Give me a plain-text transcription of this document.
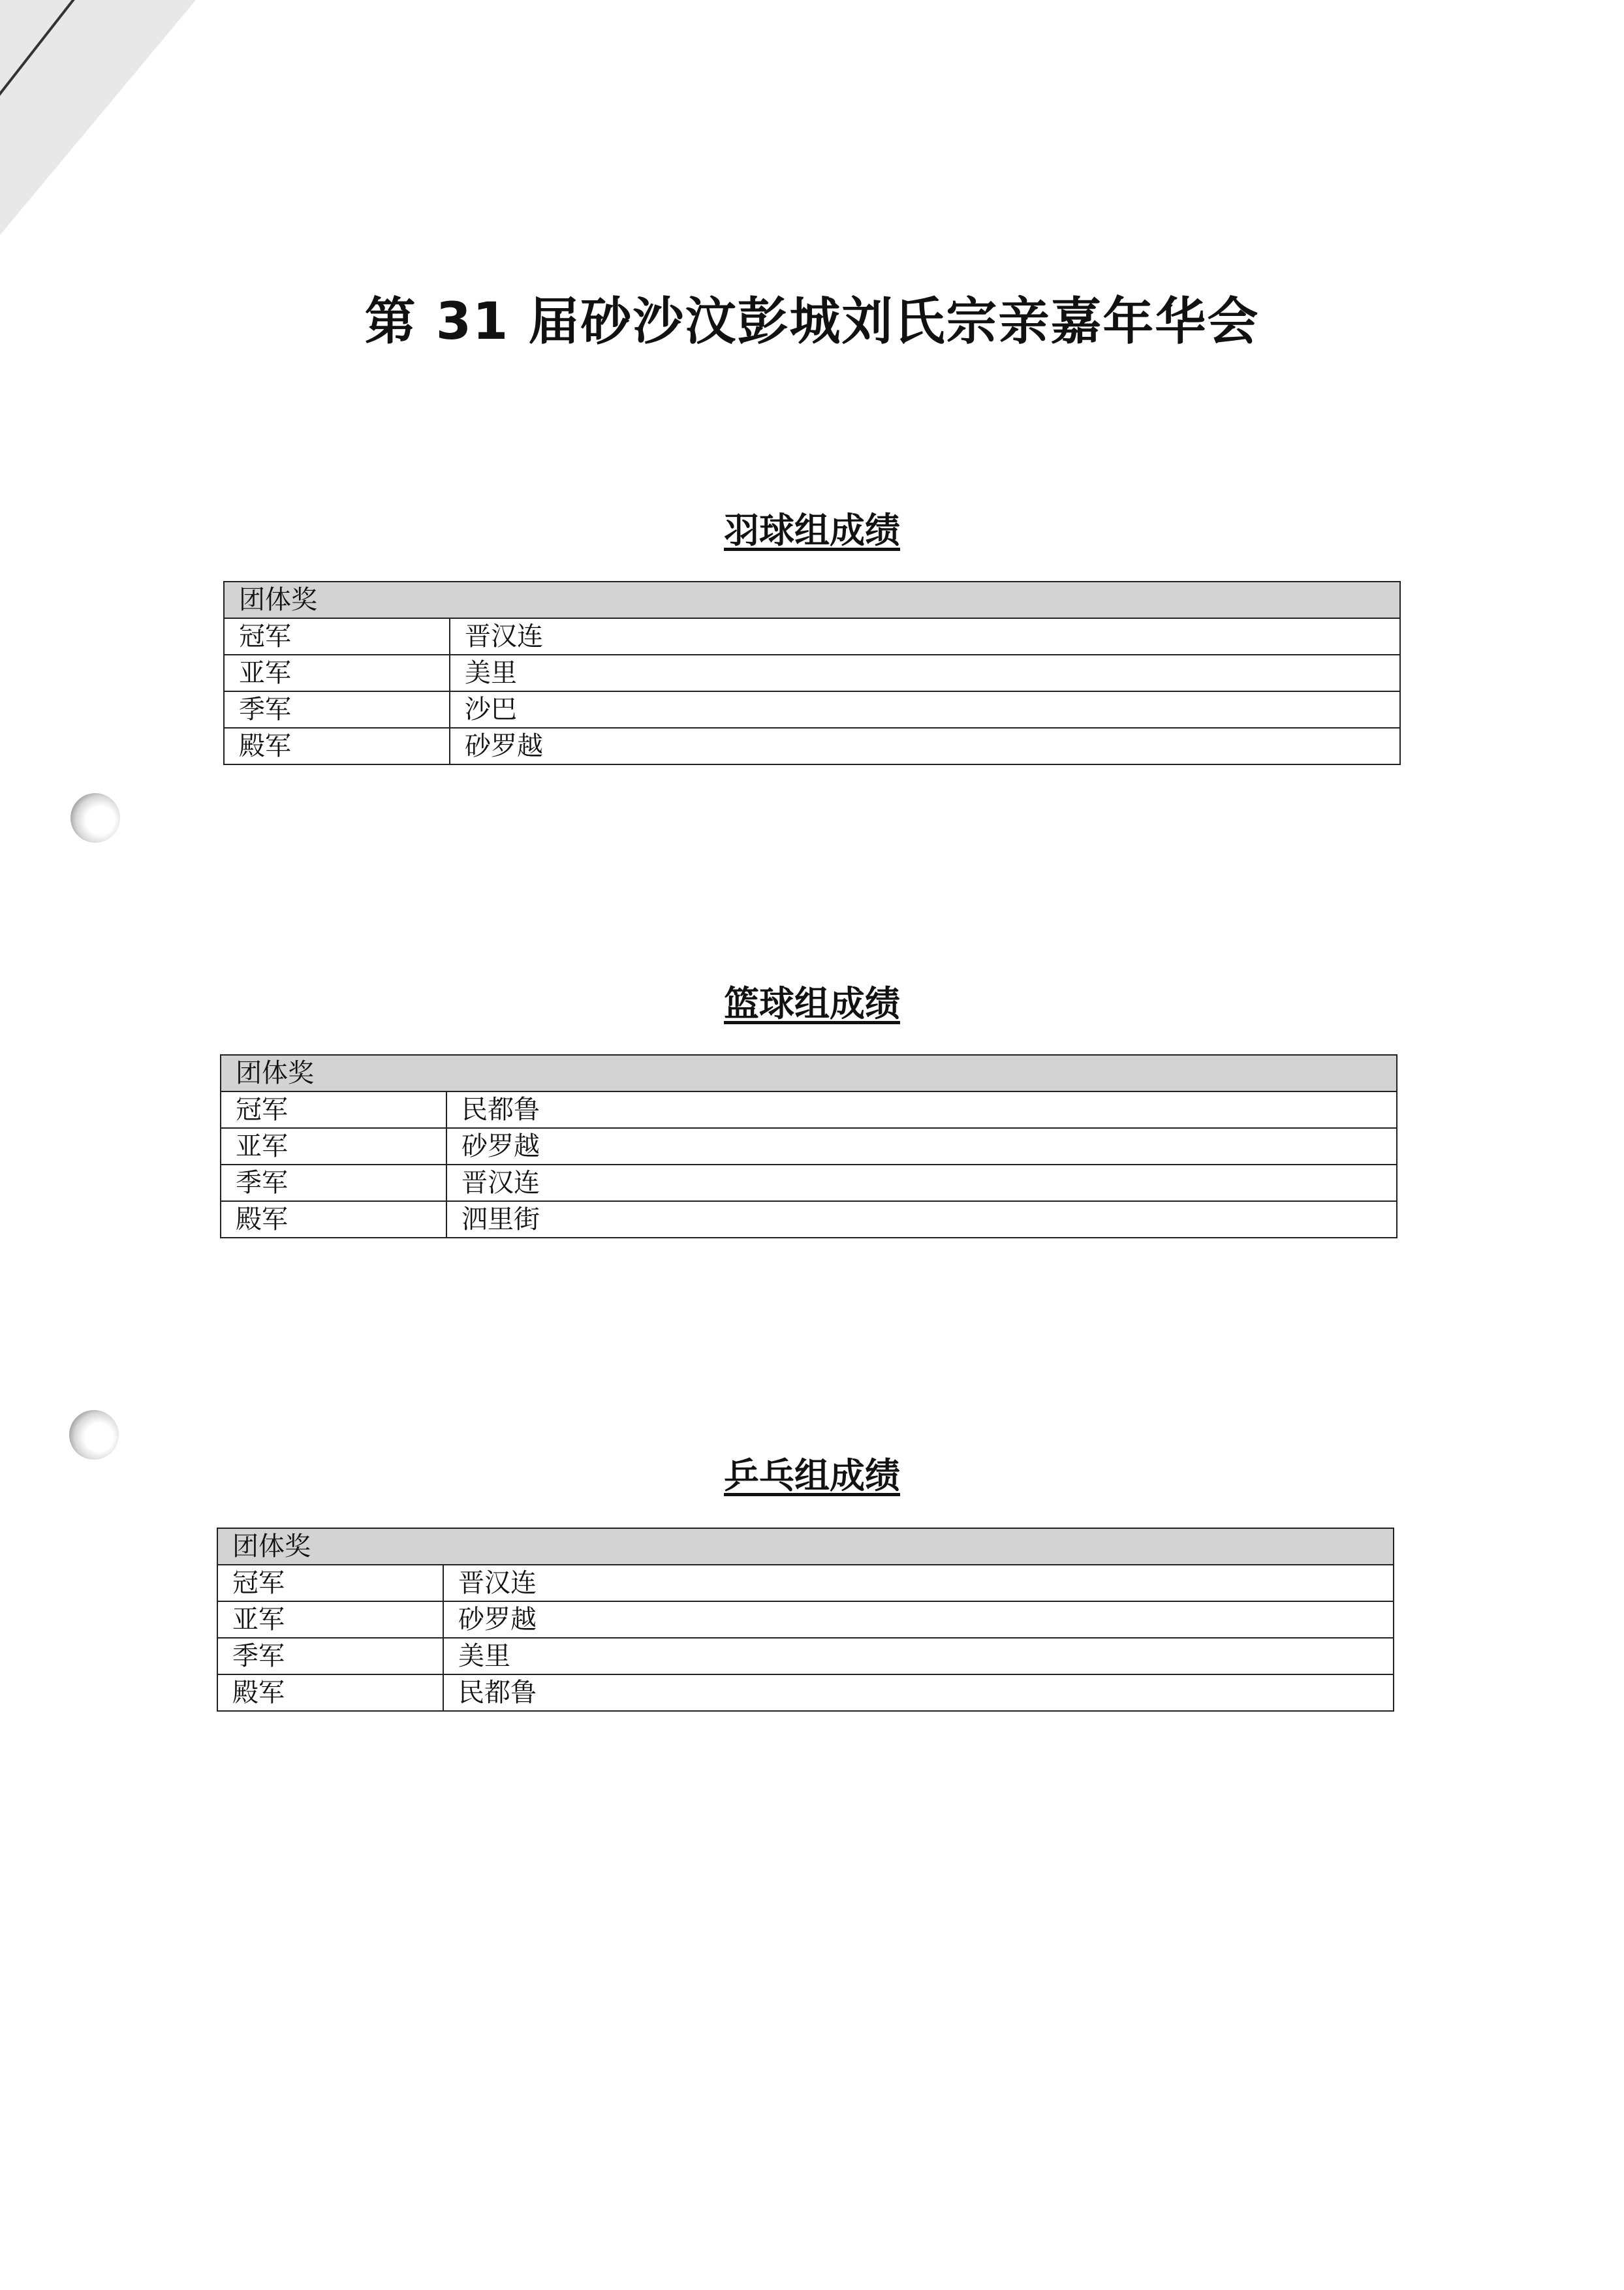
第 31 届砂沙汶彭城刘氏宗亲嘉年华会
羽球组成绩
团体奖	
冠军	晋汉连
亚军	美里
季军	沙巴
殿军	砂罗越
篮球组成绩
团体奖	
冠军	民都鲁
亚军	砂罗越
季军	晋汉连
殿军	泗里街
乒乓组成绩
团体奖	
冠军	晋汉连
亚军	砂罗越
季军	美里
殿军	民都鲁
